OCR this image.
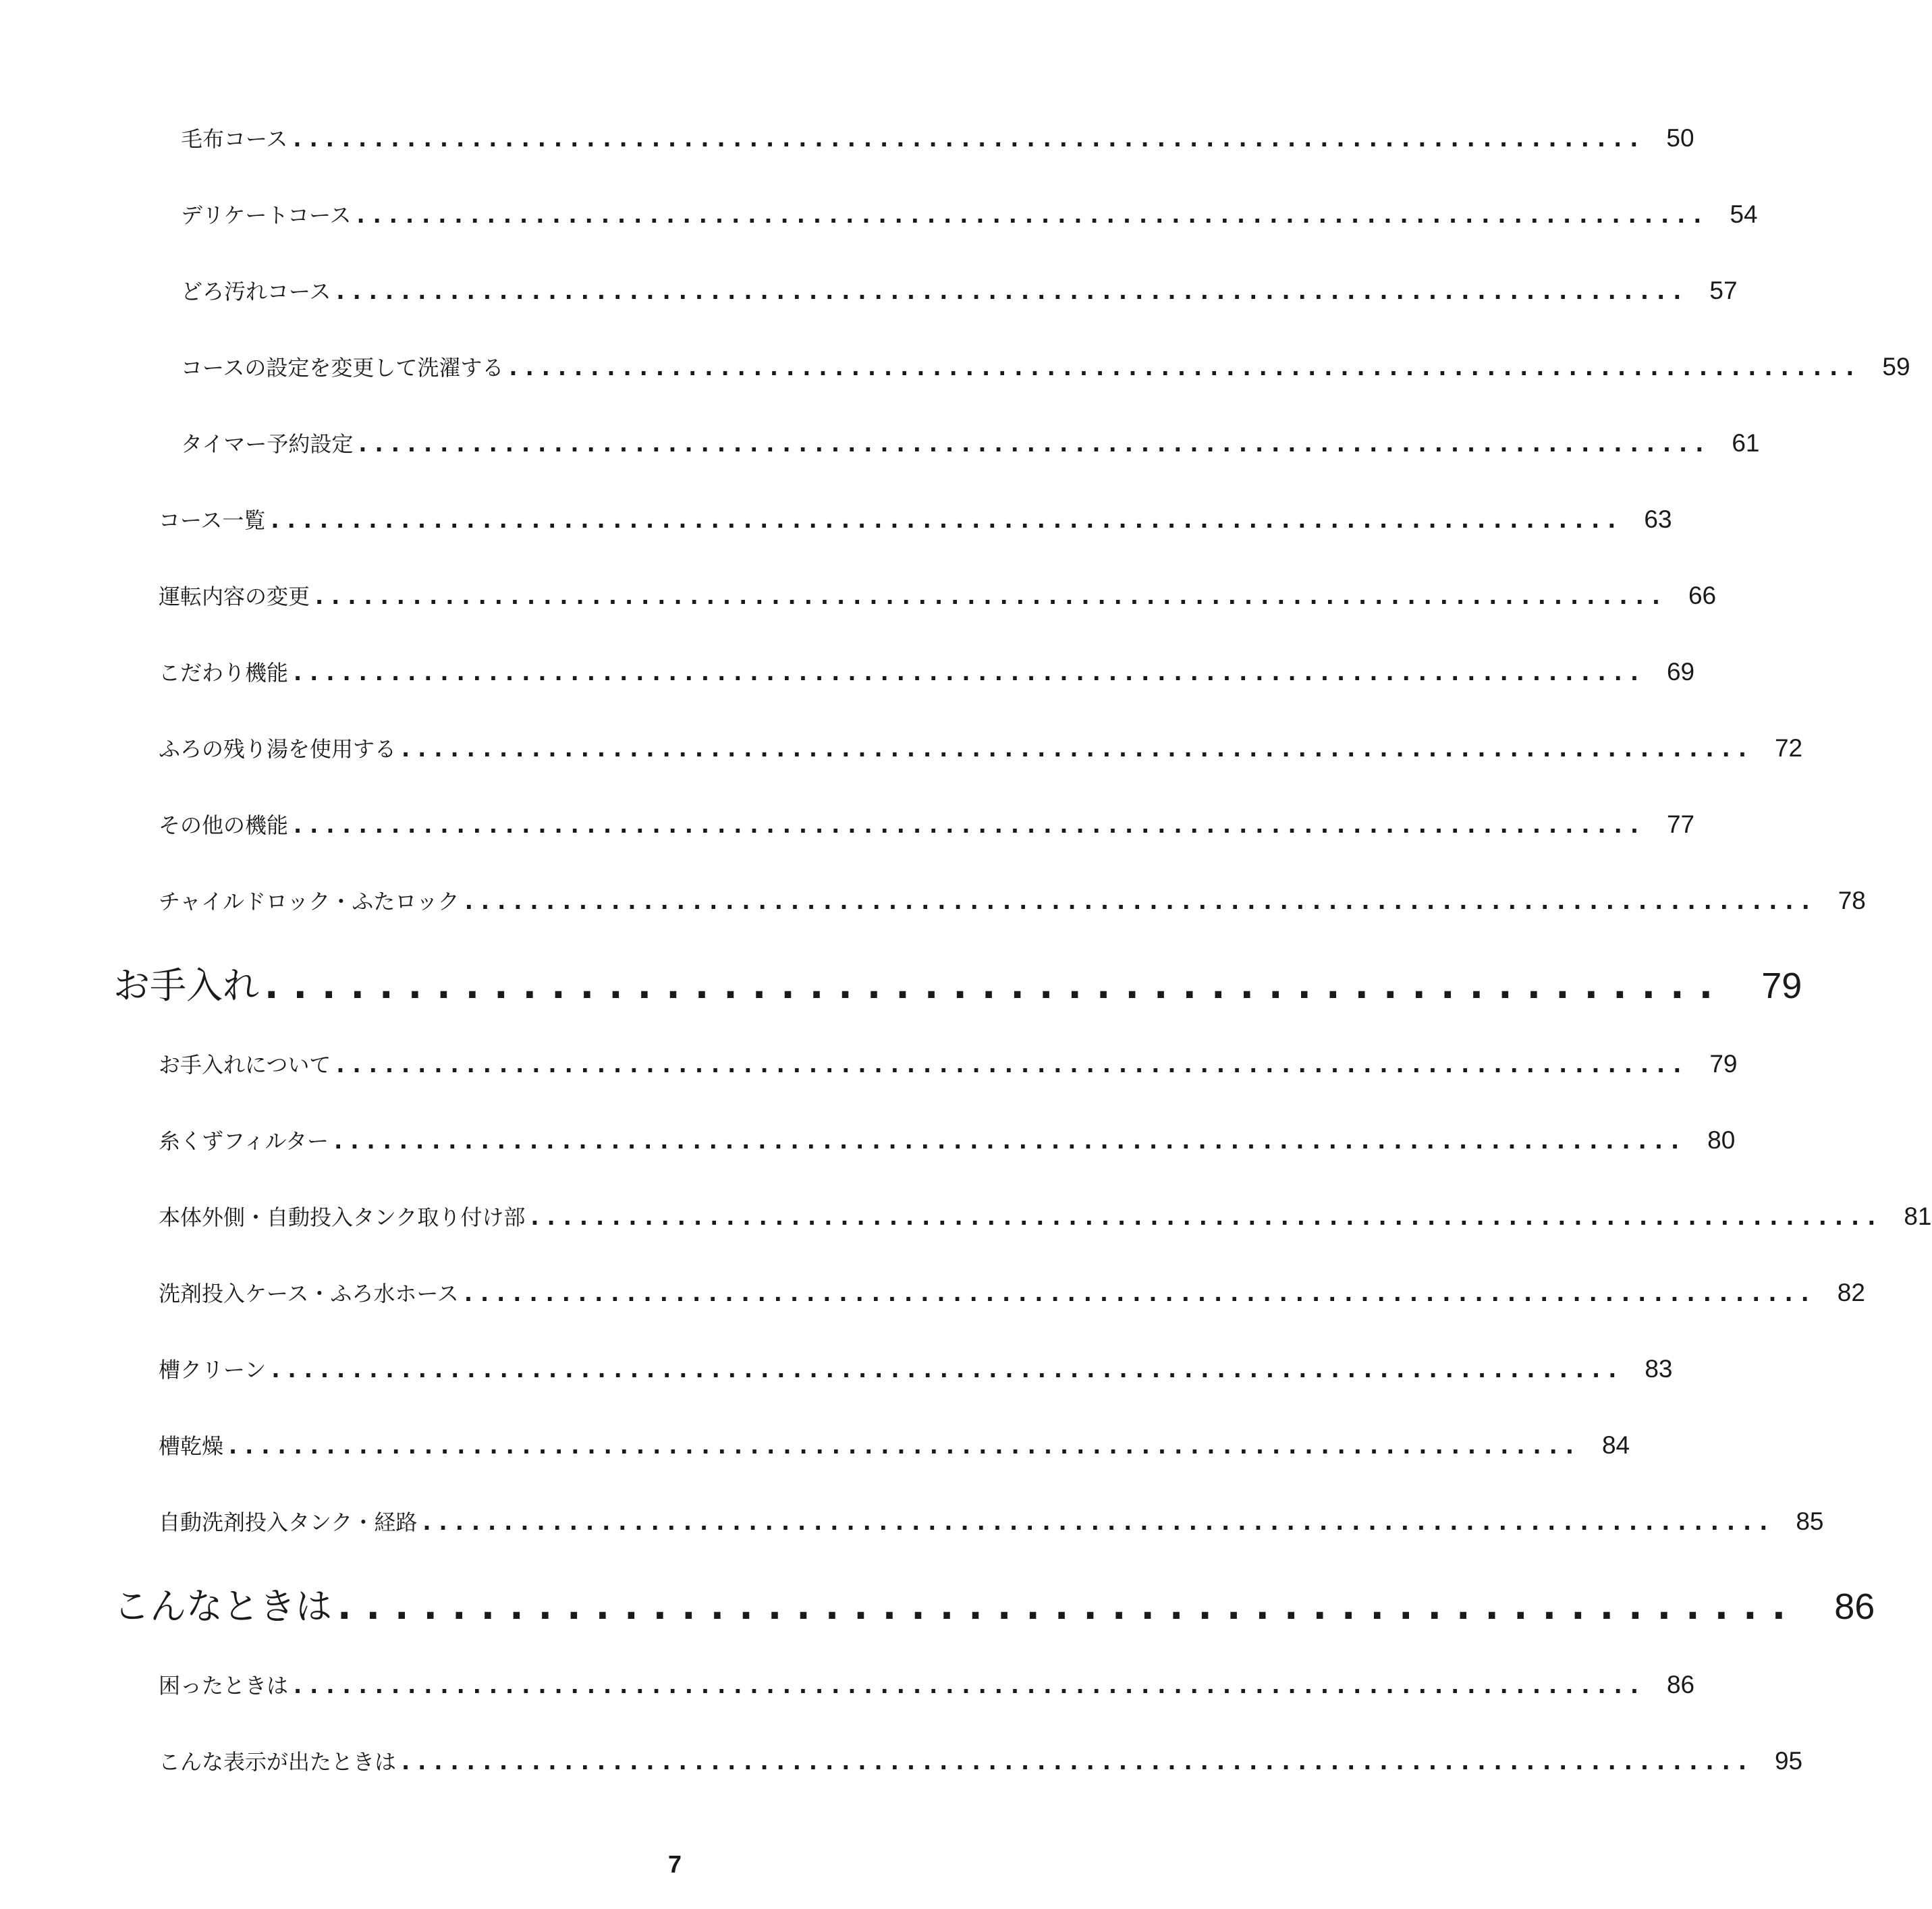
毛布コース ................................................................................... 50
デリケートコース ................................................................................... 54
どろ汚れコース ................................................................................... 57
コースの設定を変更して洗濯する ................................................................................... 59
タイマー予約設定 ................................................................................... 61
コース一覧 ................................................................................... 63
運転内容の変更 ................................................................................... 66
こだわり機能 ................................................................................... 69
ふろの残り湯を使用する ................................................................................... 72
その他の機能 ................................................................................... 77
チャイルドロック・ふたロック ................................................................................... 78
お手入れ ................................................... 79
お手入れについて ................................................................................... 79
糸くずフィルター ................................................................................... 80
本体外側・自動投入タンク取り付け部 ................................................................................... 81
洗剤投入ケース・ふろ水ホース ................................................................................... 82
槽クリーン ................................................................................... 83
槽乾燥 ................................................................................... 84
自動洗剤投入タンク・経路 ................................................................................... 85
こんなときは ................................................... 86
困ったときは ................................................................................... 86
こんな表示が出たときは ................................................................................... 95
7
